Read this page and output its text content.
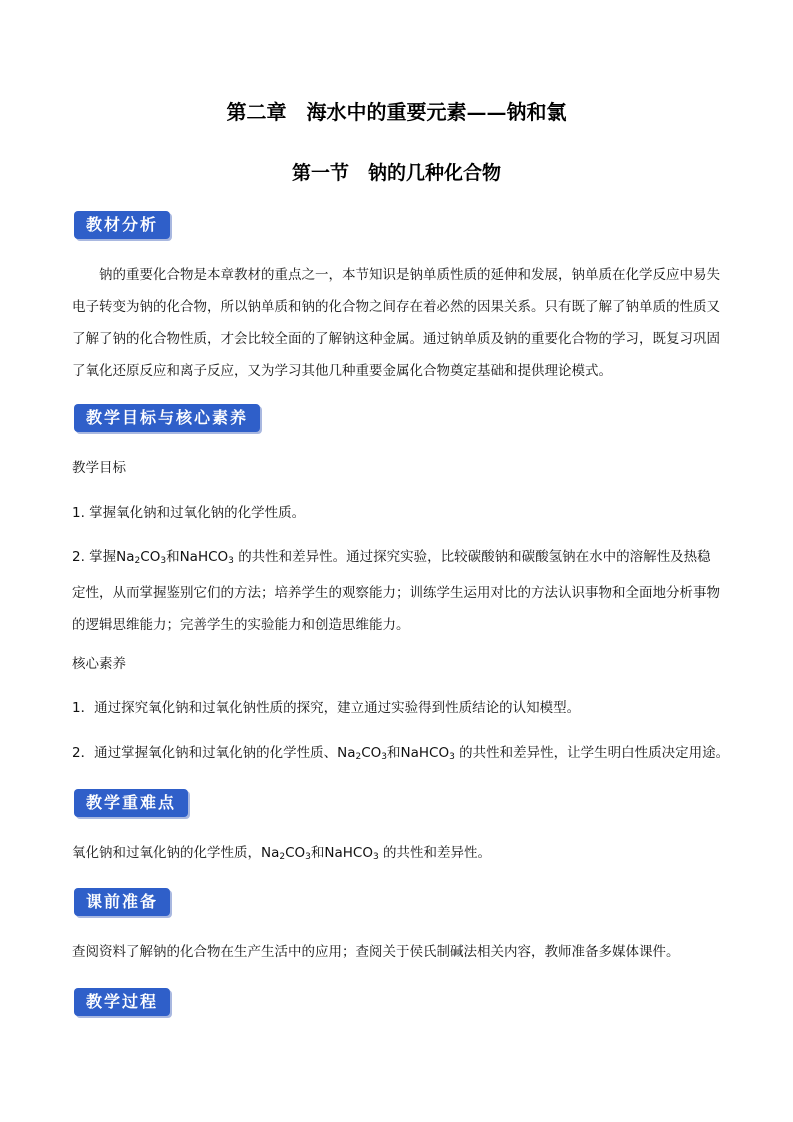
第二章　海水中的重要元素——钠和氯
第一节　钠的几种化合物
教材分析
钠的重要化合物是本章教材的重点之一，本节知识是钠单质性质的延伸和发展，钠单质在化学反应中易失电子转变为钠的化合物，所以钠单质和钠的化合物之间存在着必然的因果关系。只有既了解了钠单质的性质又了解了钠的化合物性质，才会比较全面的了解钠这种金属。通过钠单质及钠的重要化合物的学习，既复习巩固了氧化还原反应和离子反应，又为学习其他几种重要金属化合物奠定基础和提供理论模式。
教学目标与核心素养
教学目标
1. 掌握氧化钠和过氧化钠的化学性质。
2. 掌握$Na_2CO_3$和NaHCO$_3$ 的共性和差异性。通过探究实验，比较碳酸钠和碳酸氢钠在水中的溶解性及热稳定性，从而掌握鉴别它们的方法；培养学生的观察能力；训练学生运用对比的方法认识事物和全面地分析事物的逻辑思维能力；完善学生的实验能力和创造思维能力。
核心素养
1．通过探究氧化钠和过氧化钠性质的探究，建立通过实验得到性质结论的认知模型。
2．通过掌握氧化钠和过氧化钠的化学性质、$Na_2CO_3$和NaHCO$_3$ 的共性和差异性，让学生明白性质决定用途。
教学重难点
氧化钠和过氧化钠的化学性质，$Na_2CO_3$和NaHCO$_3$ 的共性和差异性。
课前准备
查阅资料了解钠的化合物在生产生活中的应用；查阅关于侯氏制碱法相关内容，教师准备多媒体课件。
教学过程
